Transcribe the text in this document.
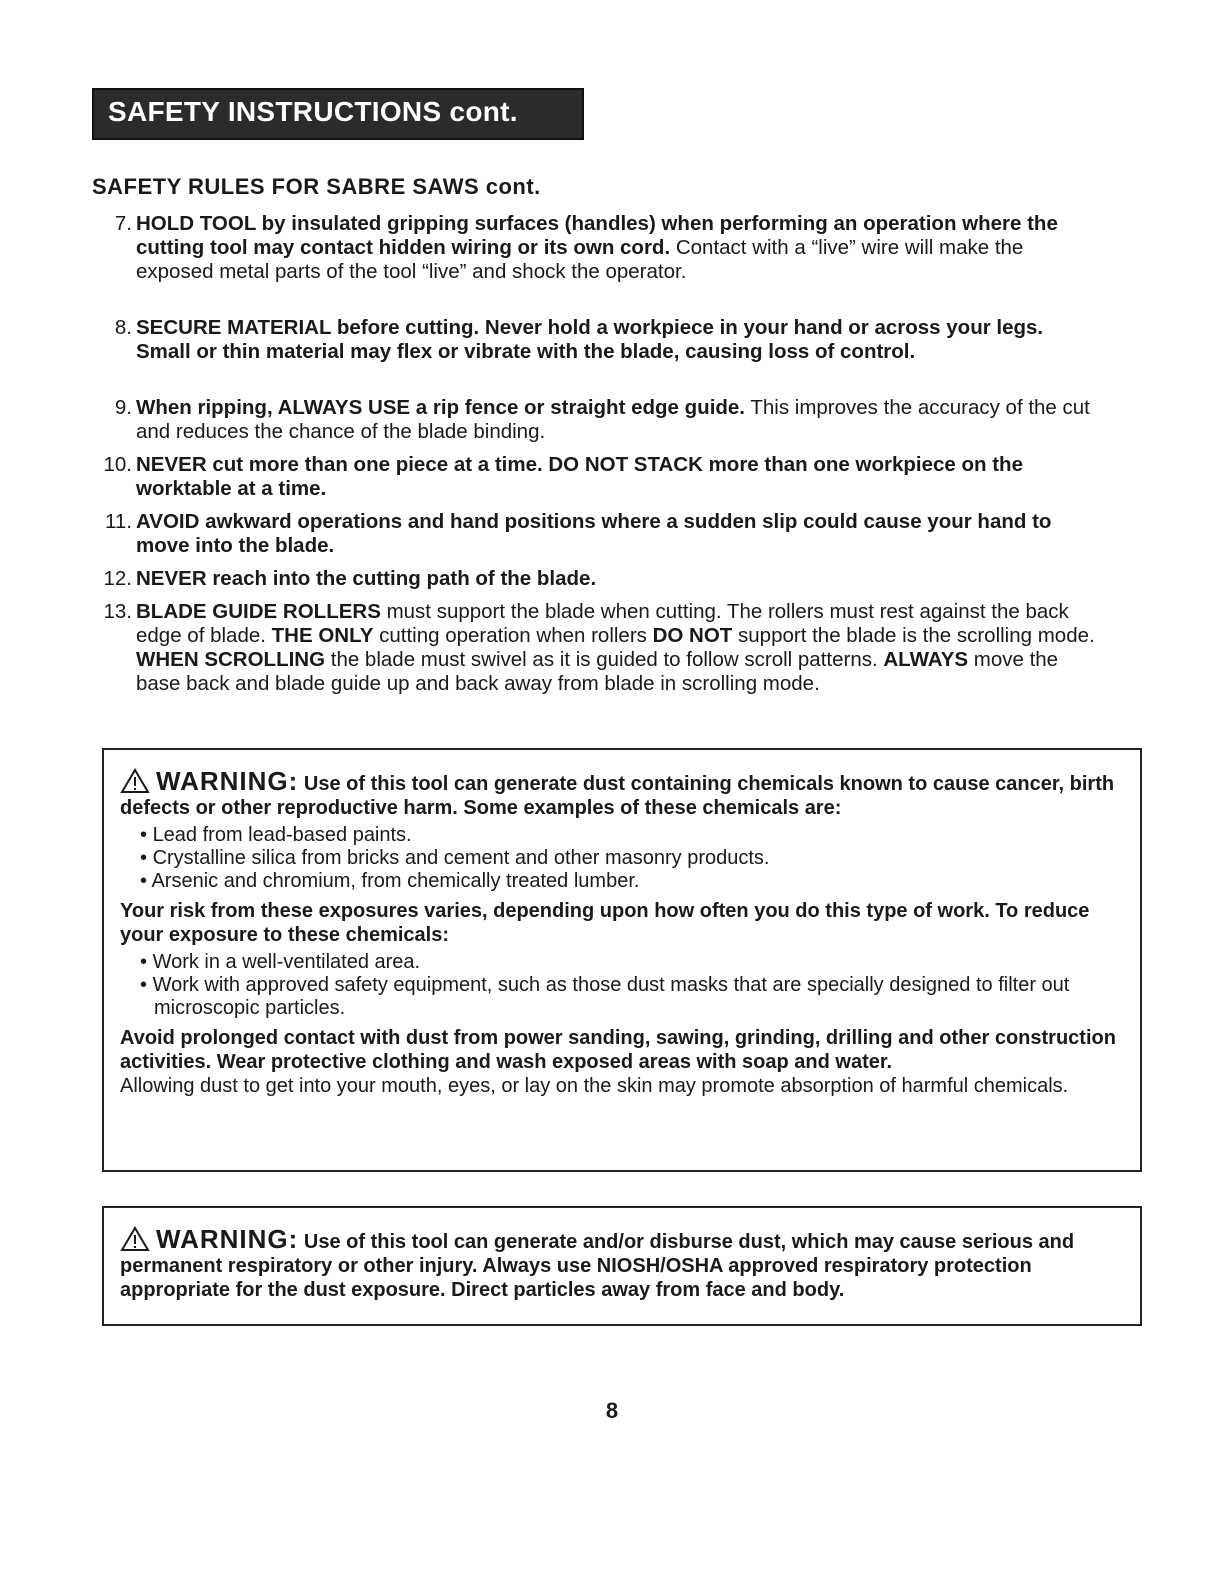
SAFETY INSTRUCTIONS cont.
SAFETY RULES FOR SABRE SAWS cont.
7. HOLD TOOL by insulated gripping surfaces (handles) when performing an operation where the cutting tool may contact hidden wiring or its own cord. Contact with a “live” wire will make the exposed metal parts of the tool “live” and shock the operator.
8. SECURE MATERIAL before cutting. Never hold a workpiece in your hand or across your legs. Small or thin material may flex or vibrate with the blade, causing loss of control.
9. When ripping, ALWAYS USE a rip fence or straight edge guide. This improves the accuracy of the cut and reduces the chance of the blade binding.
10. NEVER cut more than one piece at a time. DO NOT STACK more than one workpiece on the worktable at a time.
11. AVOID awkward operations and hand positions where a sudden slip could cause your hand to move into the blade.
12. NEVER reach into the cutting path of the blade.
13. BLADE GUIDE ROLLERS must support the blade when cutting. The rollers must rest against the back edge of blade. THE ONLY cutting operation when rollers DO NOT support the blade is the scrolling mode. WHEN SCROLLING the blade must swivel as it is guided to follow scroll patterns. ALWAYS move the base back and blade guide up and back away from blade in scrolling mode.
WARNING: Use of this tool can generate dust containing chemicals known to cause cancer, birth defects or other reproductive harm. Some examples of these chemicals are:
• Lead from lead-based paints.
• Crystalline silica from bricks and cement and other masonry products.
• Arsenic and chromium, from chemically treated lumber.
Your risk from these exposures varies, depending upon how often you do this type of work. To reduce your exposure to these chemicals:
• Work in a well-ventilated area.
• Work with approved safety equipment, such as those dust masks that are specially designed to filter out microscopic particles.
Avoid prolonged contact with dust from power sanding, sawing, grinding, drilling and other construction activities. Wear protective clothing and wash exposed areas with soap and water.
Allowing dust to get into your mouth, eyes, or lay on the skin may promote absorption of harmful chemicals.
WARNING: Use of this tool can generate and/or disburse dust, which may cause serious and permanent respiratory or other injury. Always use NIOSH/OSHA approved respiratory protection appropriate for the dust exposure. Direct particles away from face and body.
8
